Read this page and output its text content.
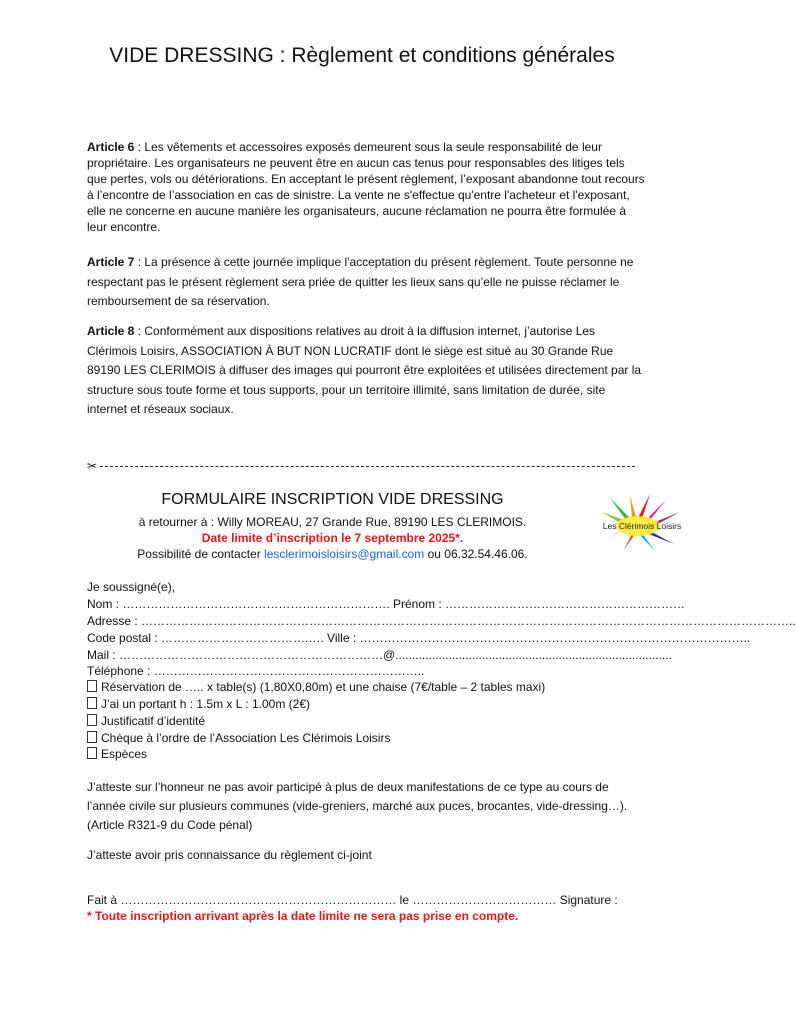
VIDE DRESSING : Règlement et conditions générales
Article 6 : Les vêtements et accessoires exposés demeurent sous la seule responsabilité de leur propriétaire. Les organisateurs ne peuvent être en aucun cas tenus pour responsables des litiges tels que pertes, vols ou détériorations. En acceptant le présent règlement, l’exposant abandonne tout recours à l’encontre de l’association en cas de sinistre. La vente ne s'effectue qu'entre l'acheteur et l'exposant, elle ne concerne en aucune manière les organisateurs, aucune réclamation ne pourra être formulée à leur encontre.
Article 7 : La présence à cette journée implique l'acceptation du présent règlement. Toute personne ne respectant pas le présent règlement sera priée de quitter les lieux sans qu’elle ne puisse réclamer le remboursement de sa réservation.
Article 8 : Conformément aux dispositions relatives au droit à la diffusion internet, j’autorise Les Clérimois Loisirs, ASSOCIATION À BUT NON LUCRATIF dont le siège est situé au 30 Grande Rue 89190 LES CLERIMOIS à diffuser des images qui pourront être exploitées et utilisées directement par la structure sous toute forme et tous supports, pour un territoire illimité, sans limitation de durée, site internet et réseaux sociaux.
✂
FORMULAIRE INSCRIPTION VIDE DRESSING
à retourner à : Willy MOREAU, 27 Grande Rue, 89190 LES CLERIMOIS.
Date limite d’inscription le 7 septembre 2025*.
Possibilité de contacter lesclerimoisloisirs@gmail.com ou 06.32.54.46.06.
Les Clérimois Loisirs
Je soussigné(e),
Nom : …………………………………………………………. Prénom : ……………………………………………………
Adresse : ………………………………………………………………………………………………………………………………………………..
Code postal : ……………………………….…. Ville : ……………………………………………………………………………………..
Mail : …………………………………………………………@...................................................................................
Téléphone : …………………………………………………………..
Réservation de ….. x table(s) (1,80X0,80m) et une chaise (7€/table – 2 tables maxi)
J’ai un portant h : 1.5m x L : 1.00m (2€)
Justificatif d’identité
Chèque à l’ordre de l’Association Les Clérimois Loisirs
Espèces
J’atteste sur l’honneur ne pas avoir participé à plus de deux manifestations de ce type au cours de l’année civile sur plusieurs communes (vide-greniers, marché aux puces, brocantes, vide-dressing…). (Article R321-9 du Code pénal)
J’atteste avoir pris connaissance du règlement ci-joint
Fait à …………………………………………………………… le ……………………………… Signature :
* Toute inscription arrivant après la date limite ne sera pas prise en compte.
